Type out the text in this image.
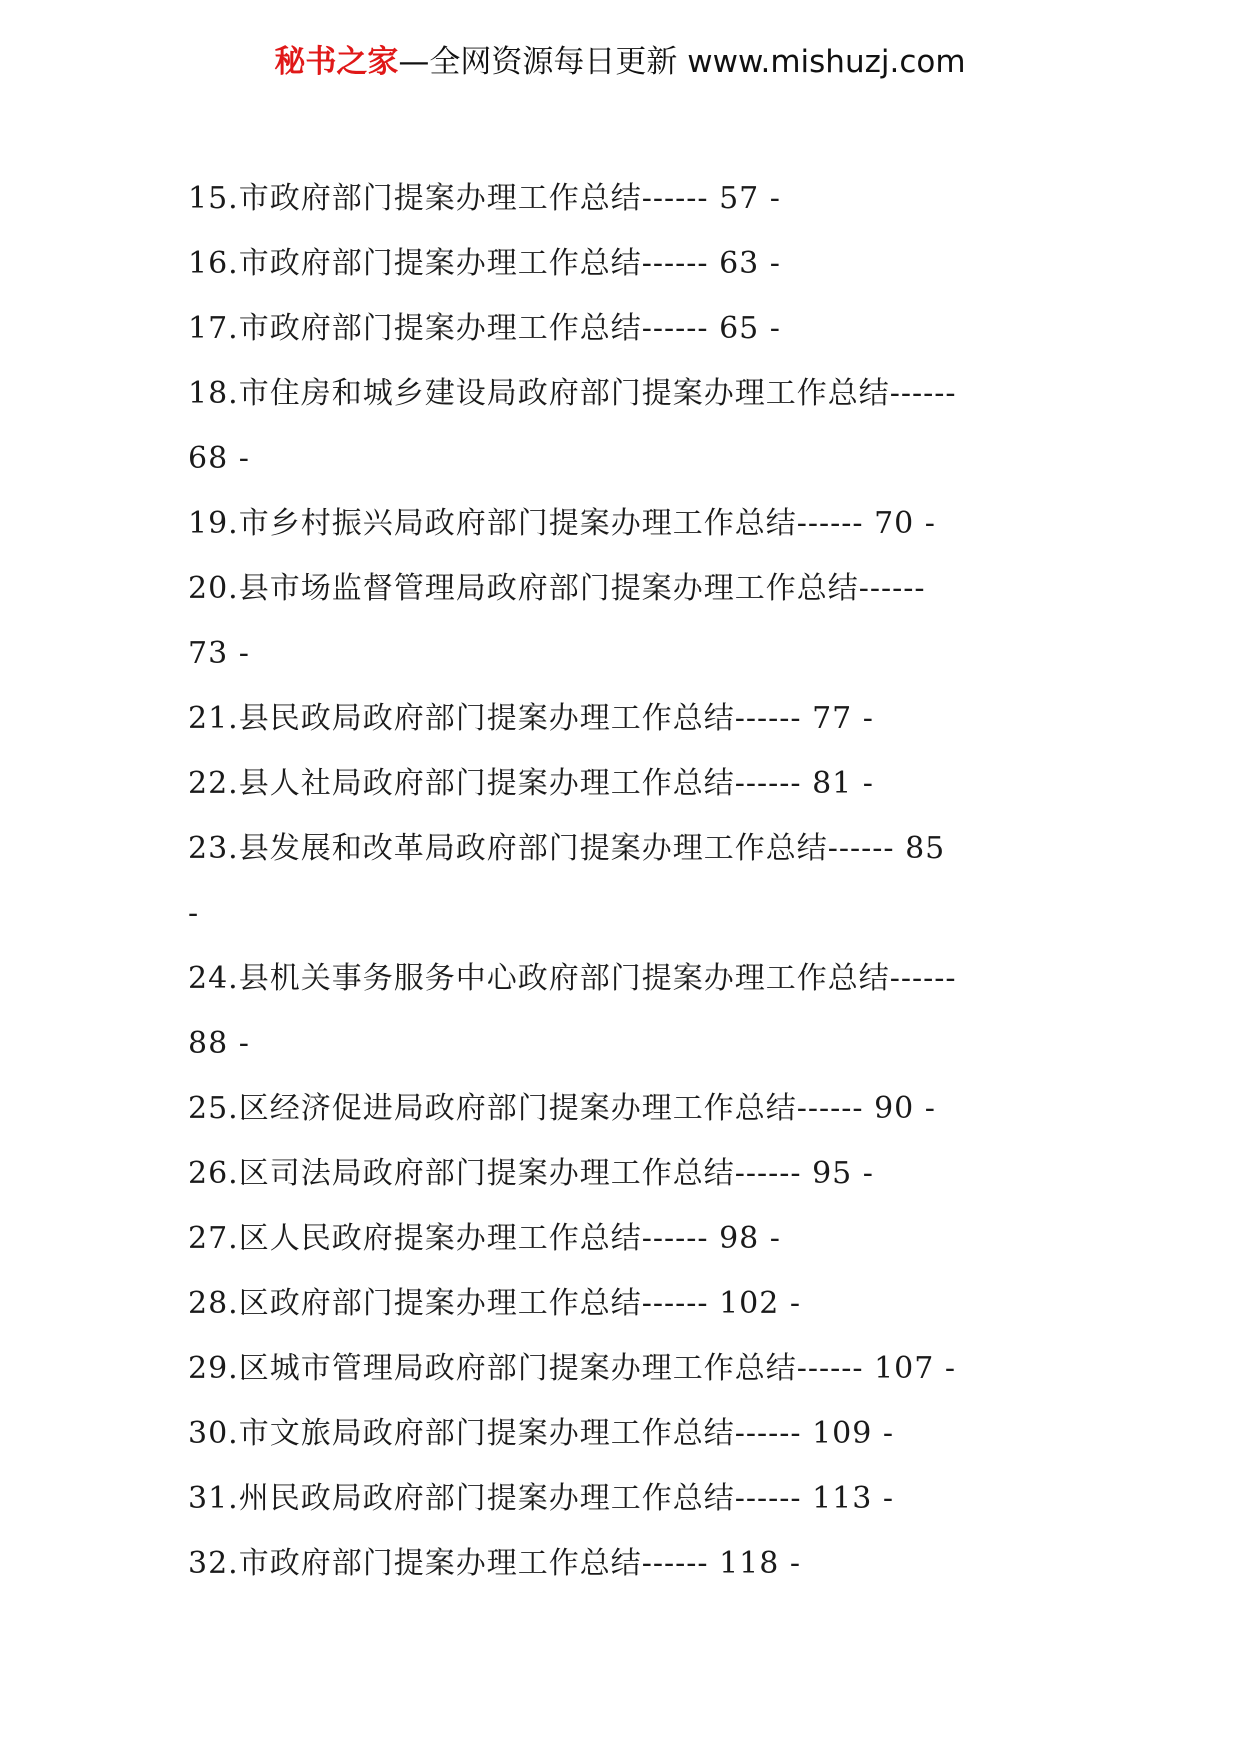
秘书之家—全网资源每日更新 www.mishuzj.com
15.市政府部门提案办理工作总结------ 57 -
16.市政府部门提案办理工作总结------ 63 -
17.市政府部门提案办理工作总结------ 65 -
18.市住房和城乡建设局政府部门提案办理工作总结------
68 -
19.市乡村振兴局政府部门提案办理工作总结------ 70 -
20.县市场监督管理局政府部门提案办理工作总结------
73 -
21.县民政局政府部门提案办理工作总结------ 77 -
22.县人社局政府部门提案办理工作总结------ 81 -
23.县发展和改革局政府部门提案办理工作总结------ 85
-
24.县机关事务服务中心政府部门提案办理工作总结------
88 -
25.区经济促进局政府部门提案办理工作总结------ 90 -
26.区司法局政府部门提案办理工作总结------ 95 -
27.区人民政府提案办理工作总结------ 98 -
28.区政府部门提案办理工作总结------ 102 -
29.区城市管理局政府部门提案办理工作总结------ 107 -
30.市文旅局政府部门提案办理工作总结------ 109 -
31.州民政局政府部门提案办理工作总结------ 113 -
32.市政府部门提案办理工作总结------ 118 -
